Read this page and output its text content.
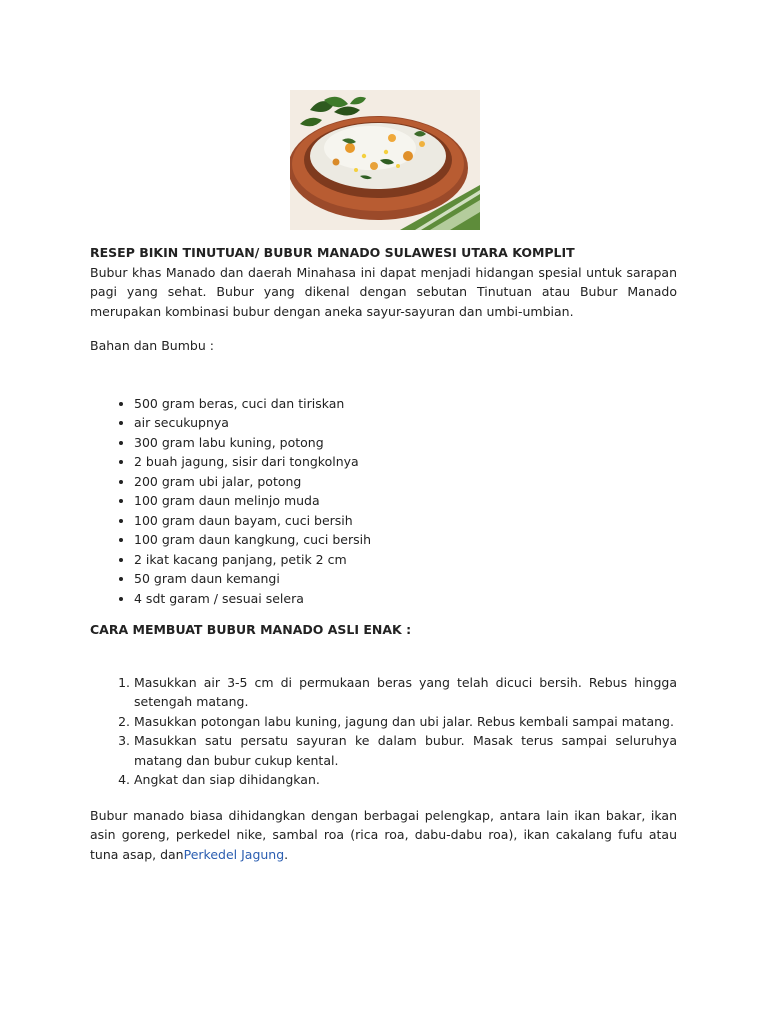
RESEP BIKIN TINUTUAN/ BUBUR MANADO SULAWESI UTARA KOMPLIT

Bubur khas Manado dan daerah Minahasa ini dapat menjadi hidangan spesial untuk sarapan pagi yang sehat. Bubur yang dikenal dengan sebutan Tinutuan atau Bubur Manado merupakan kombinasi bubur dengan aneka sayur-sayuran dan umbi-umbian.

Bahan dan Bumbu :

• 500 gram beras, cuci dan tiriskan
• air secukupnya
• 300 gram labu kuning, potong
• 2 buah jagung, sisir dari tongkolnya
• 200 gram ubi jalar, potong
• 100 gram daun melinjo muda
• 100 gram daun bayam, cuci bersih
• 100 gram daun kangkung, cuci bersih
• 2 ikat kacang panjang, petik 2 cm
• 50 gram daun kemangi
• 4 sdt garam / sesuai selera

CARA MEMBUAT BUBUR MANADO ASLI ENAK :

1. Masukkan air 3-5 cm di permukaan beras yang telah dicuci bersih. Rebus hingga setengah matang.
2. Masukkan potongan labu kuning, jagung dan ubi jalar. Rebus kembali sampai matang.
3. Masukkan satu persatu sayuran ke dalam bubur. Masak terus sampai seluruhya matang dan bubur cukup kental.
4. Angkat dan siap dihidangkan.

Bubur manado biasa dihidangkan dengan berbagai pelengkap, antara lain ikan bakar, ikan asin goreng, perkedel nike, sambal roa (rica roa, dabu-dabu roa), ikan cakalang fufu atau tuna asap, danPerkedel Jagung.
